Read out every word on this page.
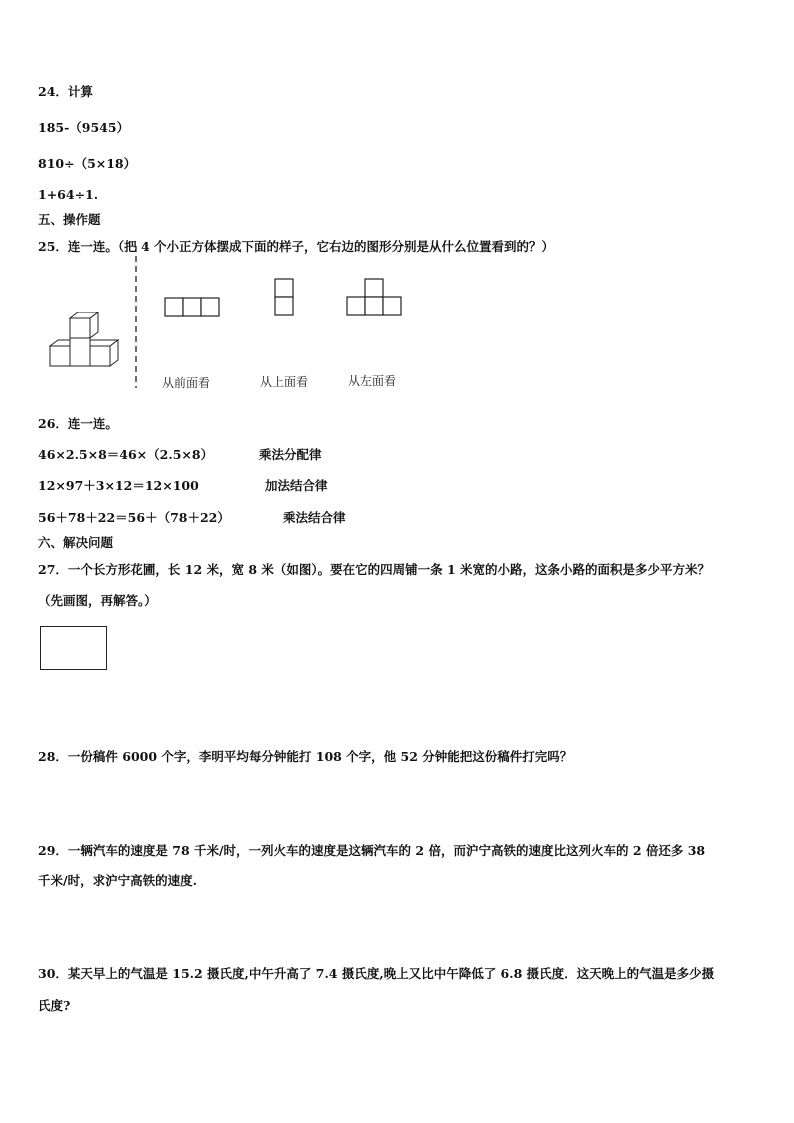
24．计算
185-（9545）
810÷（5×18）
1+64÷1.
五、操作题
25．连一连。（把 4 个小正方体摆成下面的样子，它右边的图形分别是从什么位置看到的？）
从前面看	从上面看	从左面看
26．连一连。
46×2.5×8＝46×（2.5×8）	乘法分配律
12×97＋3×12＝12×100	加法结合律
56＋78＋22＝56＋（78＋22）	乘法结合律
六、解决问题
27．一个长方形花圃，长 12 米，宽 8 米（如图）。要在它的四周铺一条 1 米宽的小路，这条小路的面积是多少平方米？
（先画图，再解答。）
28．一份稿件 6000 个字，李明平均每分钟能打 108 个字，他 52 分钟能把这份稿件打完吗？
29．一辆汽车的速度是 78 千米/时，一列火车的速度是这辆汽车的 2 倍，而沪宁高铁的速度比这列火车的 2 倍还多 38
千米/时，求沪宁高铁的速度.
30．某天早上的气温是 15.2 摄氏度,中午升高了 7.4 摄氏度,晚上又比中午降低了 6.8 摄氏度．这天晚上的气温是多少摄
氏度?
